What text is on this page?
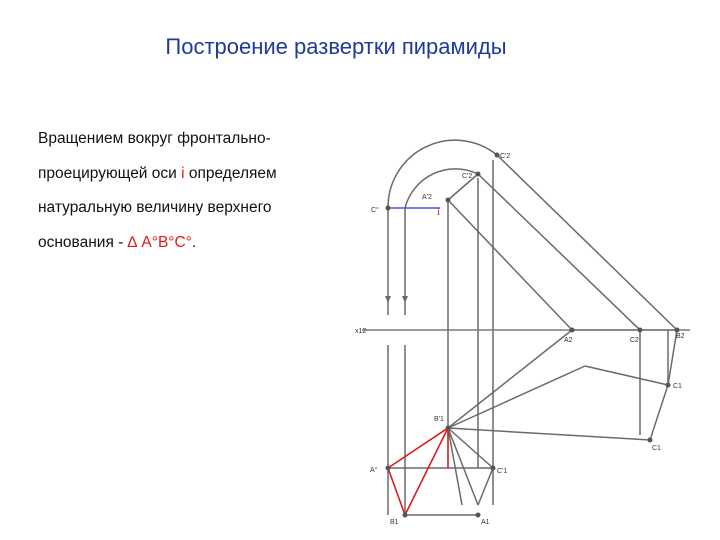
Построение развертки пирамиды
Вращением вокруг фронтально-
проецирующей оси i определяем
натуральную величину верхнего
основания - ∆ А°В°С°.
C'2
C'2
A'2
C°	i
x12
A2	C2
B2
C1
B'1
A°	C'1
B1	A1
C1
